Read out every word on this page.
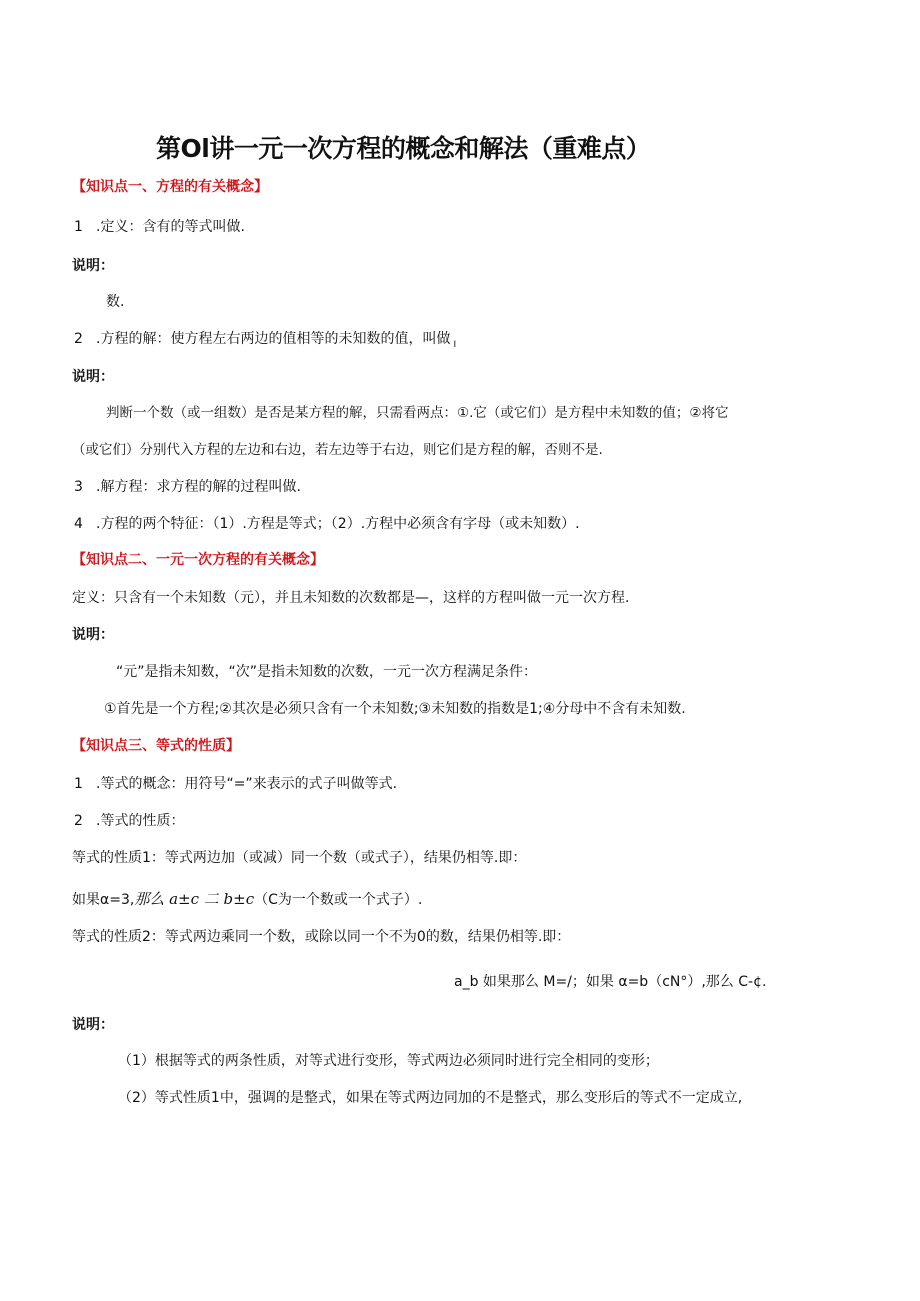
第Ol讲一元一次方程的概念和解法（重难点）
【知识点一、方程的有关概念】
1 .定义：含有的等式叫做.
说明：
数.
2 .方程的解：使方程左右两边的值相等的未知数的值，叫做 $_I$
说明：
判断一个数（或一组数）是否是某方程的解，只需看两点：①.它（或它们）是方程中未知数的值；②将它
（或它们）分别代入方程的左边和右边，若左边等于右边，则它们是方程的解，否则不是.
3 .解方程：求方程的解的过程叫做.
4 .方程的两个特征：（1）.方程是等式；（2）.方程中必须含有字母（或未知数）.
【知识点二、一元一次方程的有关概念】
定义：只含有一个未知数（元），并且未知数的次数都是—，这样的方程叫做一元一次方程.
说明：
“元”是指未知数，“次”是指未知数的次数，一元一次方程满足条件：
①首先是一个方程;②其次是必须只含有一个未知数;③未知数的指数是1;④分母中不含有未知数.
【知识点三、等式的性质】
1 .等式的概念：用符号“=”来表示的式子叫做等式.
2 .等式的性质：
等式的性质1：等式两边加（或减）同一个数（或式子），结果仍相等.即：
如果α=3,那么 a±c 二 b±c（C为一个数或一个式子）.
等式的性质2：等式两边乘同一个数，或除以同一个不为0的数，结果仍相等.即：
a_b 如果那么 M=/；如果 α=b（cN°）,那么 C-¢.
说明：
（1）根据等式的两条性质，对等式进行变形，等式两边必须同时进行完全相同的变形；
（2）等式性质1中，强调的是整式，如果在等式两边同加的不是整式，那么变形后的等式不一定成立,
